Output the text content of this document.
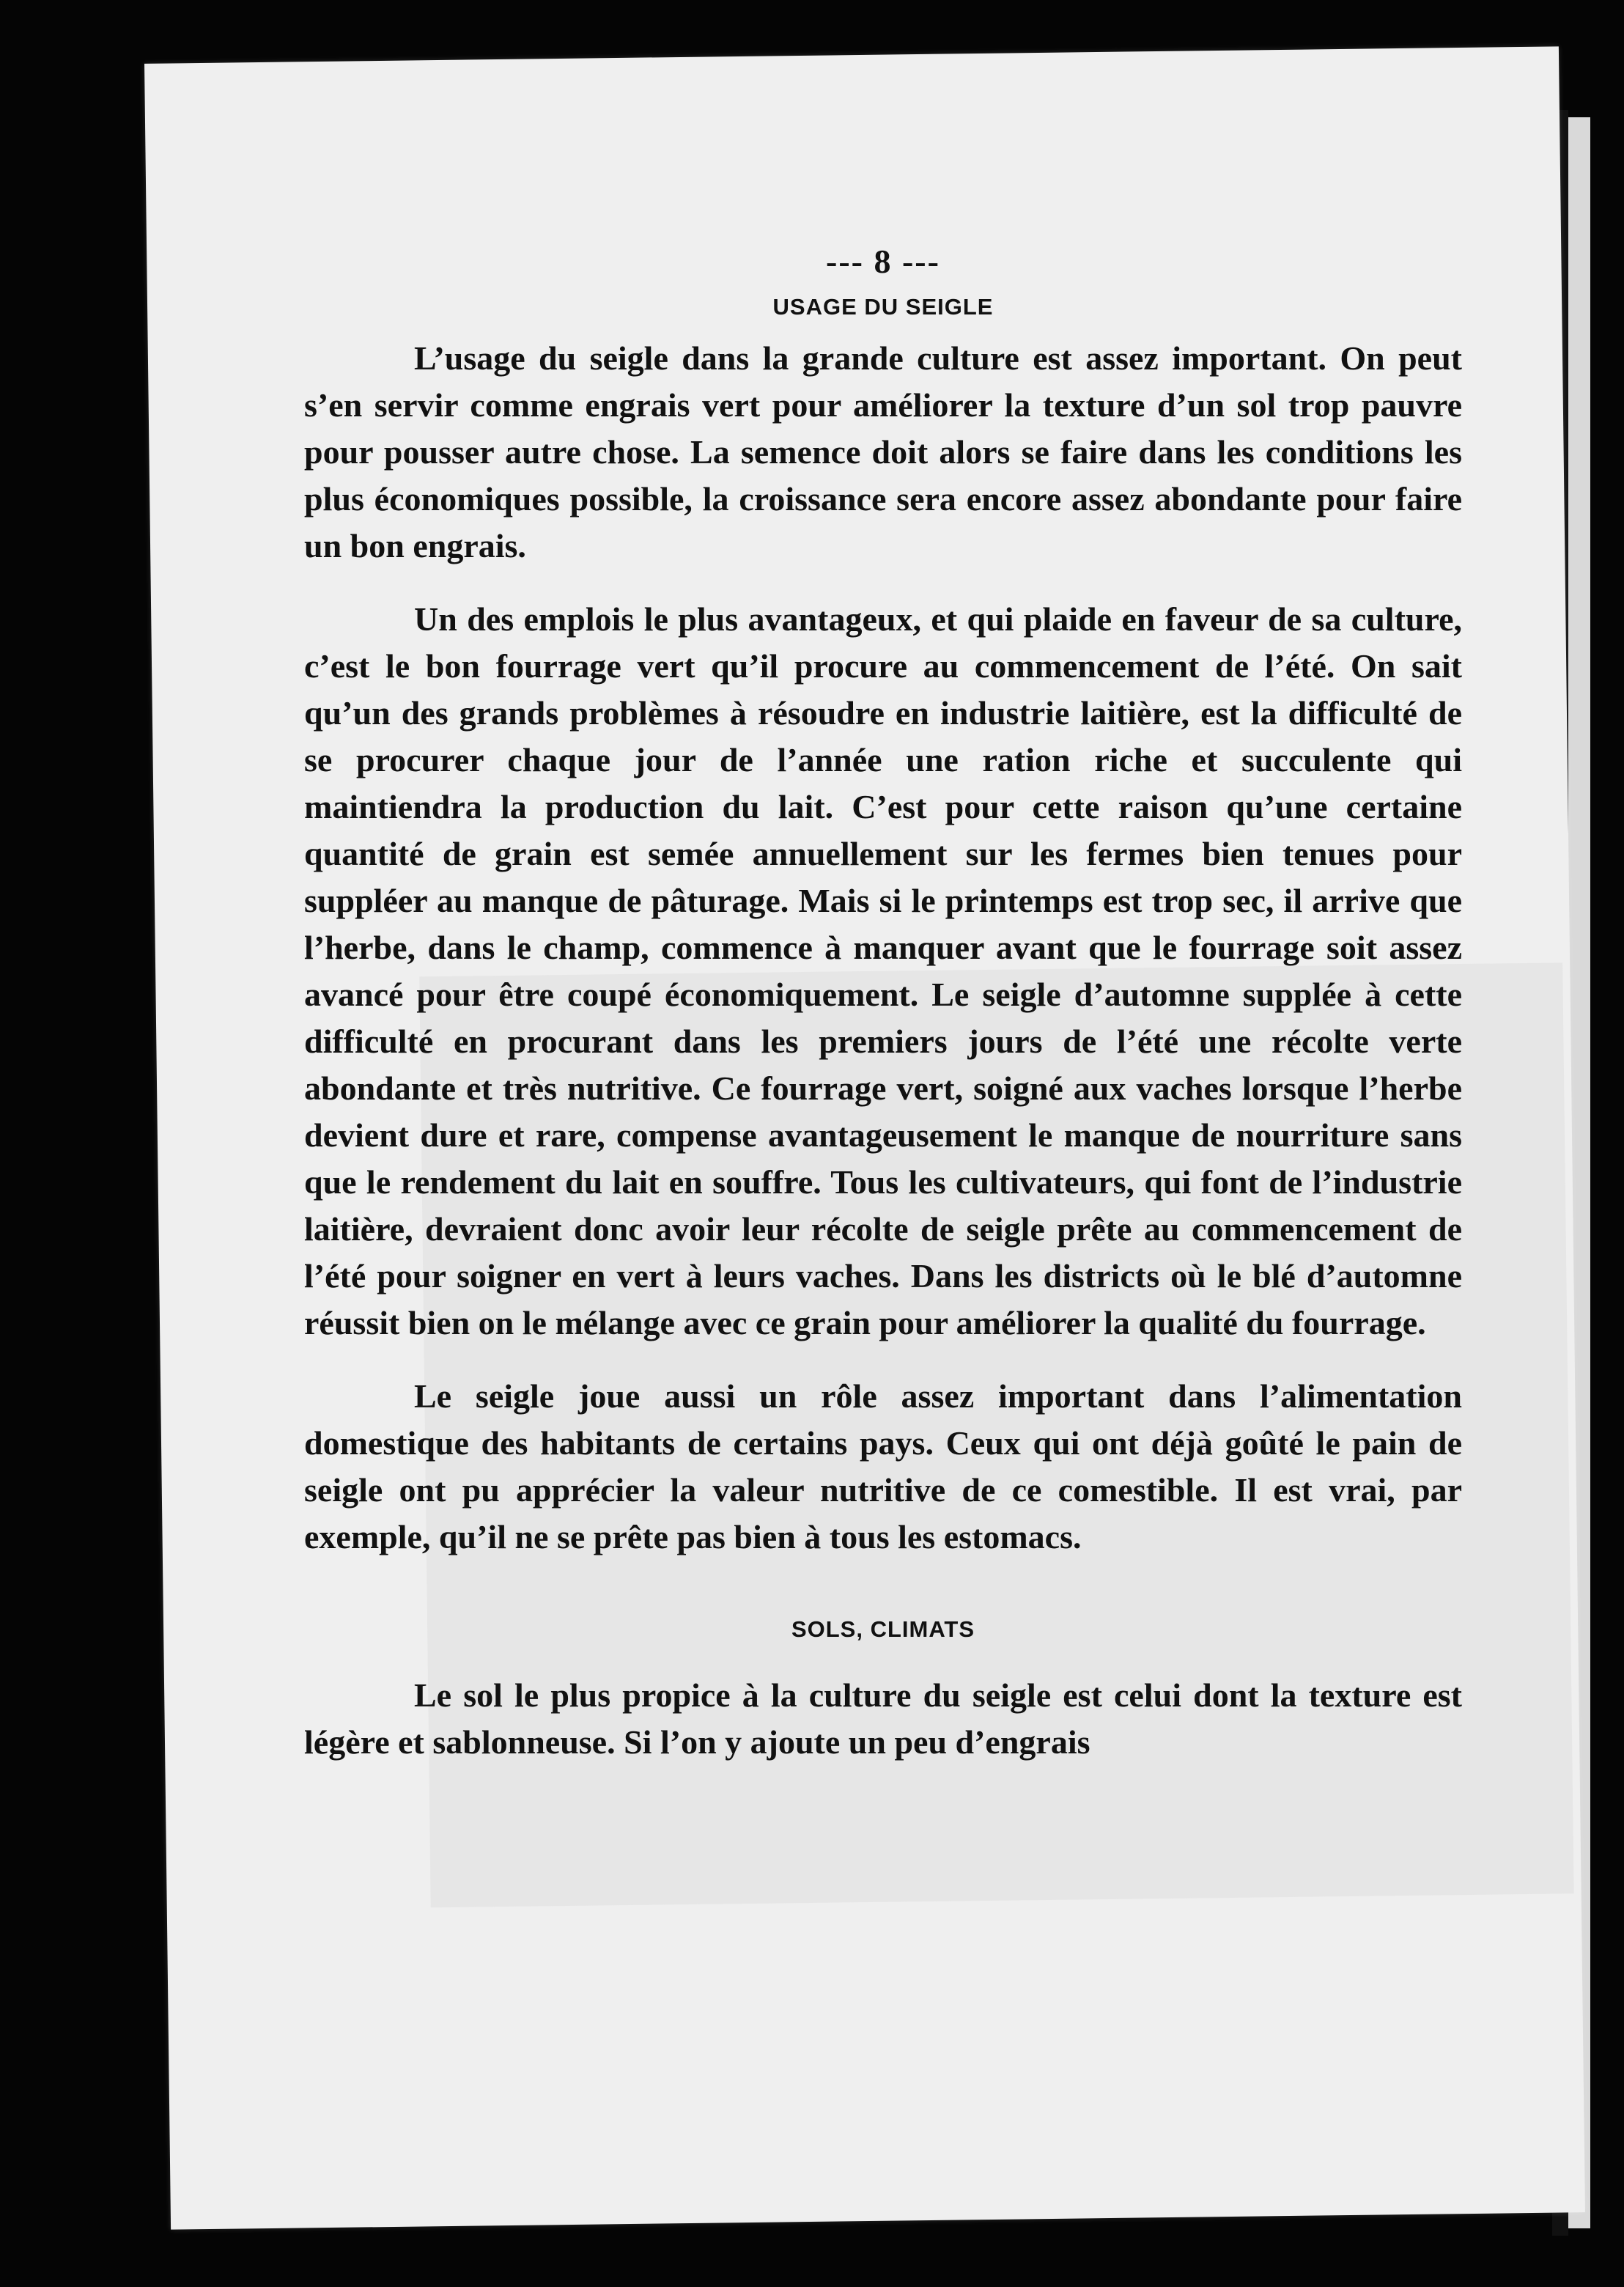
--- 8 ---
USAGE DU SEIGLE

L’usage du seigle dans la grande culture est assez important. On peut s’en servir comme engrais vert pour améliorer la texture d’un sol trop pauvre pour pousser autre chose. La semence doit alors se faire dans les conditions les plus économiques possible, la croissance sera encore assez abondante pour faire un bon engrais.

Un des emplois le plus avantageux, et qui plaide en faveur de sa culture, c’est le bon fourrage vert qu’il procure au commencement de l’été. On sait qu’un des grands problèmes à résoudre en industrie laitière, est la difficulté de se procurer chaque jour de l’année une ration riche et succulente qui maintiendra la production du lait. C’est pour cette raison qu’une certaine quantité de grain est semée annuellement sur les fermes bien tenues pour suppléer au manque de pâturage. Mais si le printemps est trop sec, il arrive que l’herbe, dans le champ, commence à manquer avant que le fourrage soit assez avancé pour être coupé économiquement. Le seigle d’automne supplée à cette difficulté en procurant dans les premiers jours de l’été une récolte verte abondante et très nutritive. Ce fourrage vert, soigné aux vaches lorsque l’herbe devient dure et rare, compense avantageusement le manque de nourriture sans que le rendement du lait en souffre. Tous les cultivateurs, qui font de l’industrie laitière, devraient donc avoir leur récolte de seigle prête au commencement de l’été pour soigner en vert à leurs vaches. Dans les districts où le blé d’automne réussit bien on le mélange avec ce grain pour améliorer la qualité du fourrage.

Le seigle joue aussi un rôle assez important dans l’alimentation domestique des habitants de certains pays. Ceux qui ont déjà goûté le pain de seigle ont pu apprécier la valeur nutritive de ce comestible. Il est vrai, par exemple, qu’il ne se prête pas bien à tous les estomacs.

SOLS, CLIMATS

Le sol le plus propice à la culture du seigle est celui dont la texture est légère et sablonneuse. Si l’on y ajoute un peu d’engrais
